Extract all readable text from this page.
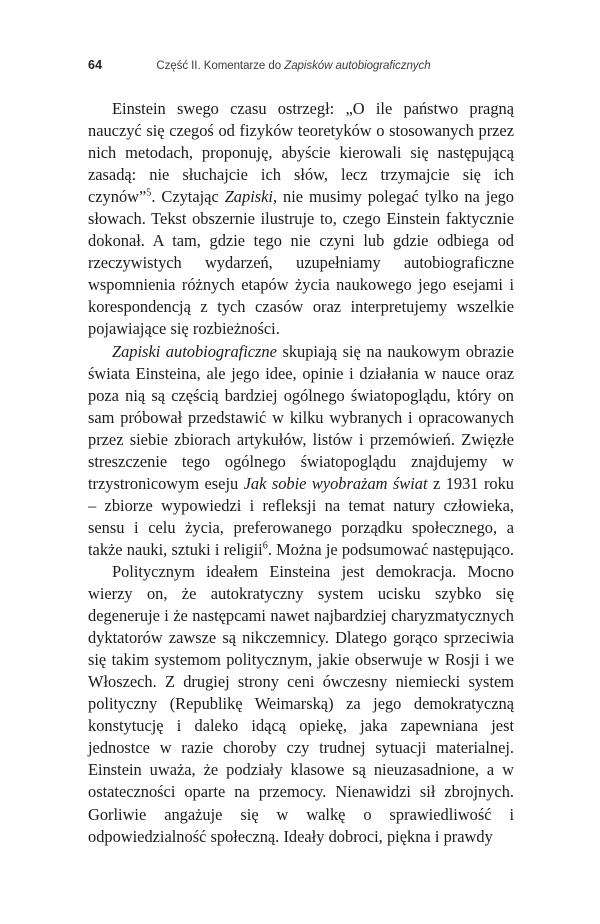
64	Część II. Komentarze do Zapisków autobiograficznych

Einstein swego czasu ostrzegł: „O ile państwo pragną nauczyć się czegoś od fizyków teoretyków o stosowanych przez nich metodach, proponuję, abyście kierowali się następującą zasadą: nie słuchajcie ich słów, lecz trzymajcie się ich czynów”$^5$. Czytając Zapiski, nie musimy polegać tylko na jego słowach. Tekst obszernie ilustruje to, czego Einstein faktycznie dokonał. A tam, gdzie tego nie czyni lub gdzie odbiega od rzeczywistych wydarzeń, uzupełniamy autobiograficzne wspomnienia różnych etapów życia naukowego jego esejami i korespondencją z tych czasów oraz interpretujemy wszelkie pojawiające się rozbieżności.

Zapiski autobiograficzne skupiają się na naukowym obrazie świata Einsteina, ale jego idee, opinie i działania w nauce oraz poza nią są częścią bardziej ogólnego światopoglądu, który on sam próbował przedstawić w kilku wybranych i opracowanych przez siebie zbiorach artykułów, listów i przemówień. Zwięzłe streszczenie tego ogólnego światopoglądu znajdujemy w trzystronicowym eseju Jak sobie wyobrażam świat z 1931 roku – zbiorze wypowiedzi i refleksji na temat natury człowieka, sensu i celu życia, preferowanego porządku społecznego, a także nauki, sztuki i religii$^6$. Można je podsumować następująco.

Politycznym ideałem Einsteina jest demokracja. Mocno wierzy on, że autokratyczny system ucisku szybko się degeneruje i że następcami nawet najbardziej charyzmatycznych dyktatorów zawsze są nikczemnicy. Dlatego gorąco sprzeciwia się takim systemom politycznym, jakie obserwuje w Rosji i we Włoszech. Z drugiej strony ceni ówczesny niemiecki system polityczny (Republikę Weimarską) za jego demokratyczną konstytucję i daleko idącą opiekę, jaka zapewniana jest jednostce w razie choroby czy trudnej sytuacji materialnej. Einstein uważa, że podziały klasowe są nieuzasadnione, a w ostateczności oparte na przemocy. Nienawidzi sił zbrojnych. Gorliwie angażuje się w walkę o sprawiedliwość i odpowiedzialność społeczną. Ideały dobroci, piękna i prawdy
